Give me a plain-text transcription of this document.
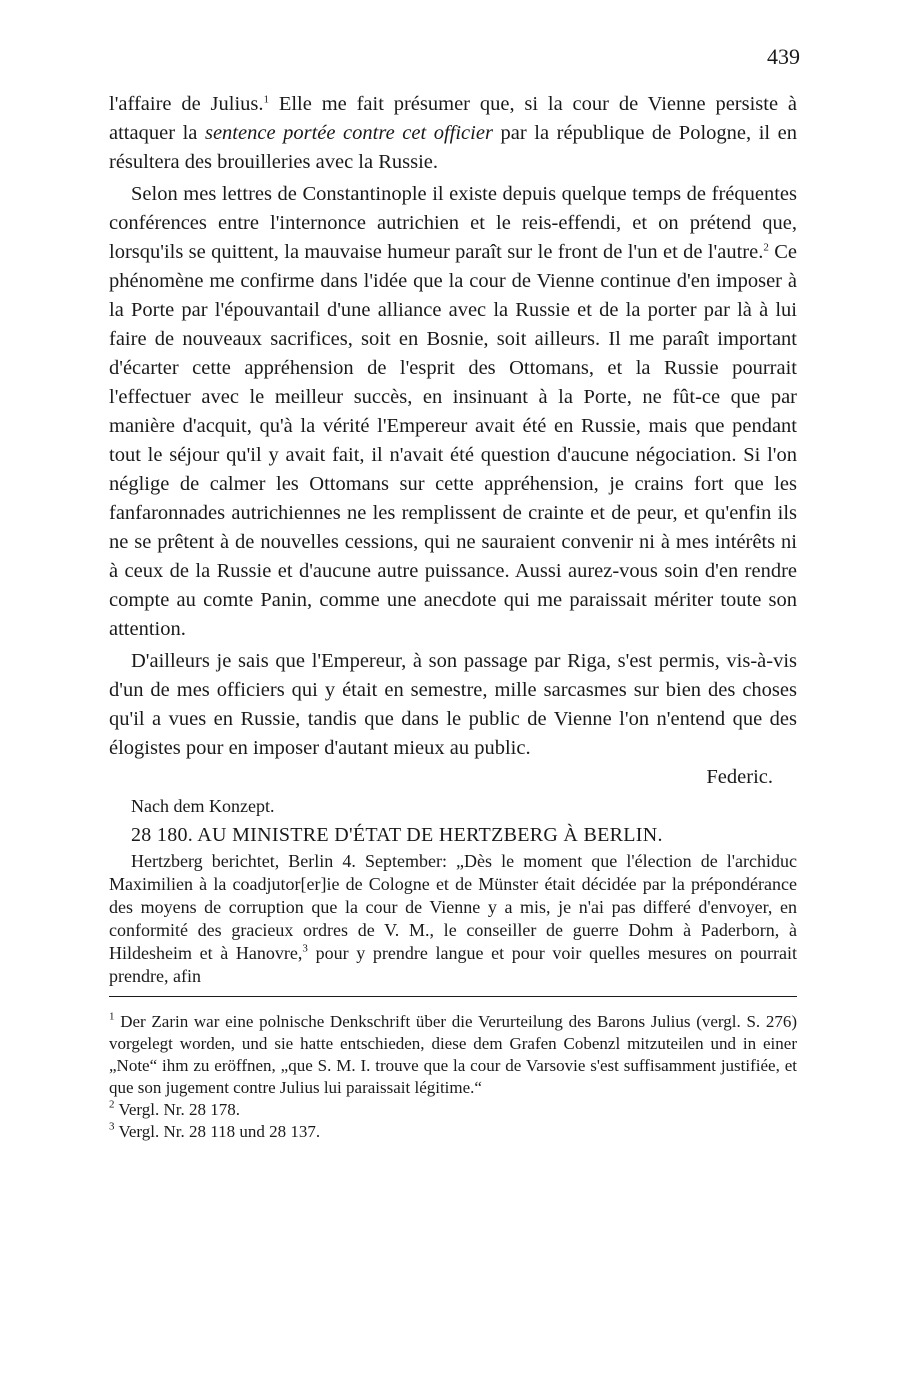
439

l'affaire de Julius.$^1$ Elle me fait présumer que, si la cour de Vienne persiste à attaquer la sentence portée contre cet officier par la république de Pologne, il en résultera des brouilleries avec la Russie.

Selon mes lettres de Constantinople il existe depuis quelque temps de fréquentes conférences entre l'internonce autrichien et le reis-effendi, et on prétend que, lorsqu'ils se quittent, la mauvaise humeur paraît sur le front de l'un et de l'autre.$^2$ Ce phénomène me confirme dans l'idée que la cour de Vienne continue d'en imposer à la Porte par l'épouvantail d'une alliance avec la Russie et de la porter par là à lui faire de nouveaux sacrifices, soit en Bosnie, soit ailleurs. Il me paraît important d'écarter cette appréhension de l'esprit des Ottomans, et la Russie pourrait l'effectuer avec le meilleur succès, en insinuant à la Porte, ne fût-ce que par manière d'acquit, qu'à la vérité l'Empereur avait été en Russie, mais que pendant tout le séjour qu'il y avait fait, il n'avait été question d'aucune négociation. Si l'on néglige de calmer les Ottomans sur cette appréhension, je crains fort que les fanfaronnades autrichiennes ne les remplissent de crainte et de peur, et qu'enfin ils ne se prêtent à de nouvelles cessions, qui ne sauraient convenir ni à mes intérêts ni à ceux de la Russie et d'aucune autre puissance. Aussi aurez-vous soin d'en rendre compte au comte Panin, comme une anecdote qui me paraissait mériter toute son attention.

D'ailleurs je sais que l'Empereur, à son passage par Riga, s'est permis, vis-à-vis d'un de mes officiers qui y était en semestre, mille sarcasmes sur bien des choses qu'il a vues en Russie, tandis que dans le public de Vienne l'on n'entend que des élogistes pour en imposer d'autant mieux au public.

Federic.

Nach dem Konzept.

28 180. AU MINISTRE D'ÉTAT DE HERTZBERG À BERLIN.

Hertzberg berichtet, Berlin 4. September: „Dès le moment que l'élection de l'archiduc Maximilien à la coadjutor[er]ie de Cologne et de Münster était décidée par la prépondérance des moyens de corruption que la cour de Vienne y a mis, je n'ai pas differé d'envoyer, en conformité des gracieux ordres de V. M., le conseiller de guerre Dohm à Paderborn, à Hildesheim et à Hanovre,$^3$ pour y prendre langue et pour voir quelles mesures on pourrait prendre, afin

$^1$ Der Zarin war eine polnische Denkschrift über die Verurteilung des Barons Julius (vergl. S. 276) vorgelegt worden, und sie hatte entschieden, diese dem Grafen Cobenzl mitzuteilen und in einer „Note“ ihm zu eröffnen, „que S. M. I. trouve que la cour de Varsovie s'est suffisamment justifiée, et que son jugement contre Julius lui paraissait légitime.“

$^2$ Vergl. Nr. 28 178.

$^3$ Vergl. Nr. 28 118 und 28 137.
